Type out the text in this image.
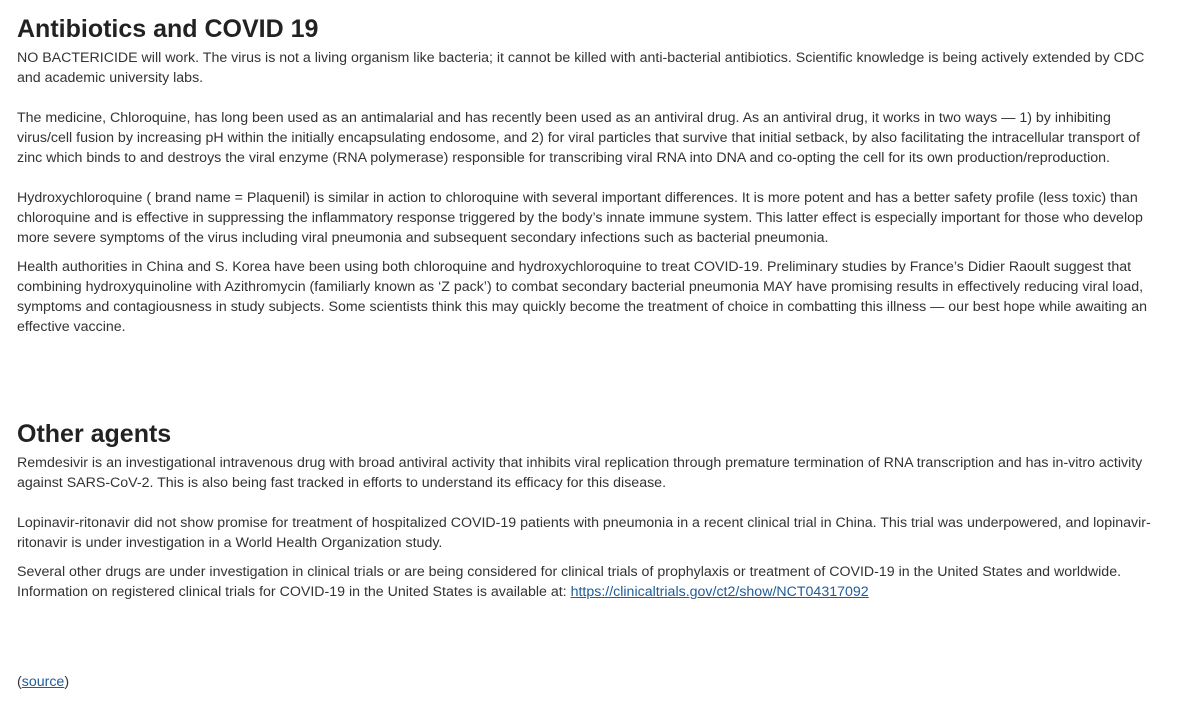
Antibiotics and COVID 19

NO BACTERICIDE will work. The virus is not a living organism like bacteria; it cannot be killed with anti-bacterial antibiotics. Scientific knowledge is being actively extended by CDC and academic university labs.

The medicine, Chloroquine, has long been used as an antimalarial and has recently been used as an antiviral drug. As an antiviral drug, it works in two ways — 1) by inhibiting virus/cell fusion by increasing pH within the initially encapsulating endosome, and 2) for viral particles that survive that initial setback, by also facilitating the intracellular transport of zinc which binds to and destroys the viral enzyme (RNA polymerase) responsible for transcribing viral RNA into DNA and co-opting the cell for its own production/reproduction.

Hydroxychloroquine ( brand name = Plaquenil) is similar in action to chloroquine with several important differences. It is more potent and has a better safety profile (less toxic) than chloroquine and is effective in suppressing the inflammatory response triggered by the body’s innate immune system. This latter effect is especially important for those who develop more severe symptoms of the virus including viral pneumonia and subsequent secondary infections such as bacterial pneumonia.

Health authorities in China and S. Korea have been using both chloroquine and hydroxychloroquine to treat COVID-19. Preliminary studies by France’s Didier Raoult suggest that combining hydroxyquinoline with Azithromycin (familiarly known as ‘Z pack’) to combat secondary bacterial pneumonia MAY have promising results in effectively reducing viral load, symptoms and contagiousness in study subjects. Some scientists think this may quickly become the treatment of choice in combatting this illness — our best hope while awaiting an effective vaccine.

Other agents

Remdesivir is an investigational intravenous drug with broad antiviral activity that inhibits viral replication through premature termination of RNA transcription and has in-vitro activity against SARS-CoV-2. This is also being fast tracked in efforts to understand its efficacy for this disease.

Lopinavir-ritonavir did not show promise for treatment of hospitalized COVID-19 patients with pneumonia in a recent clinical trial in China. This trial was underpowered, and lopinavir-ritonavir is under investigation in a World Health Organization study.

Several other drugs are under investigation in clinical trials or are being considered for clinical trials of prophylaxis or treatment of COVID-19 in the United States and worldwide. Information on registered clinical trials for COVID-19 in the United States is available at: https://clinicaltrials.gov/ct2/show/NCT04317092

(source)
